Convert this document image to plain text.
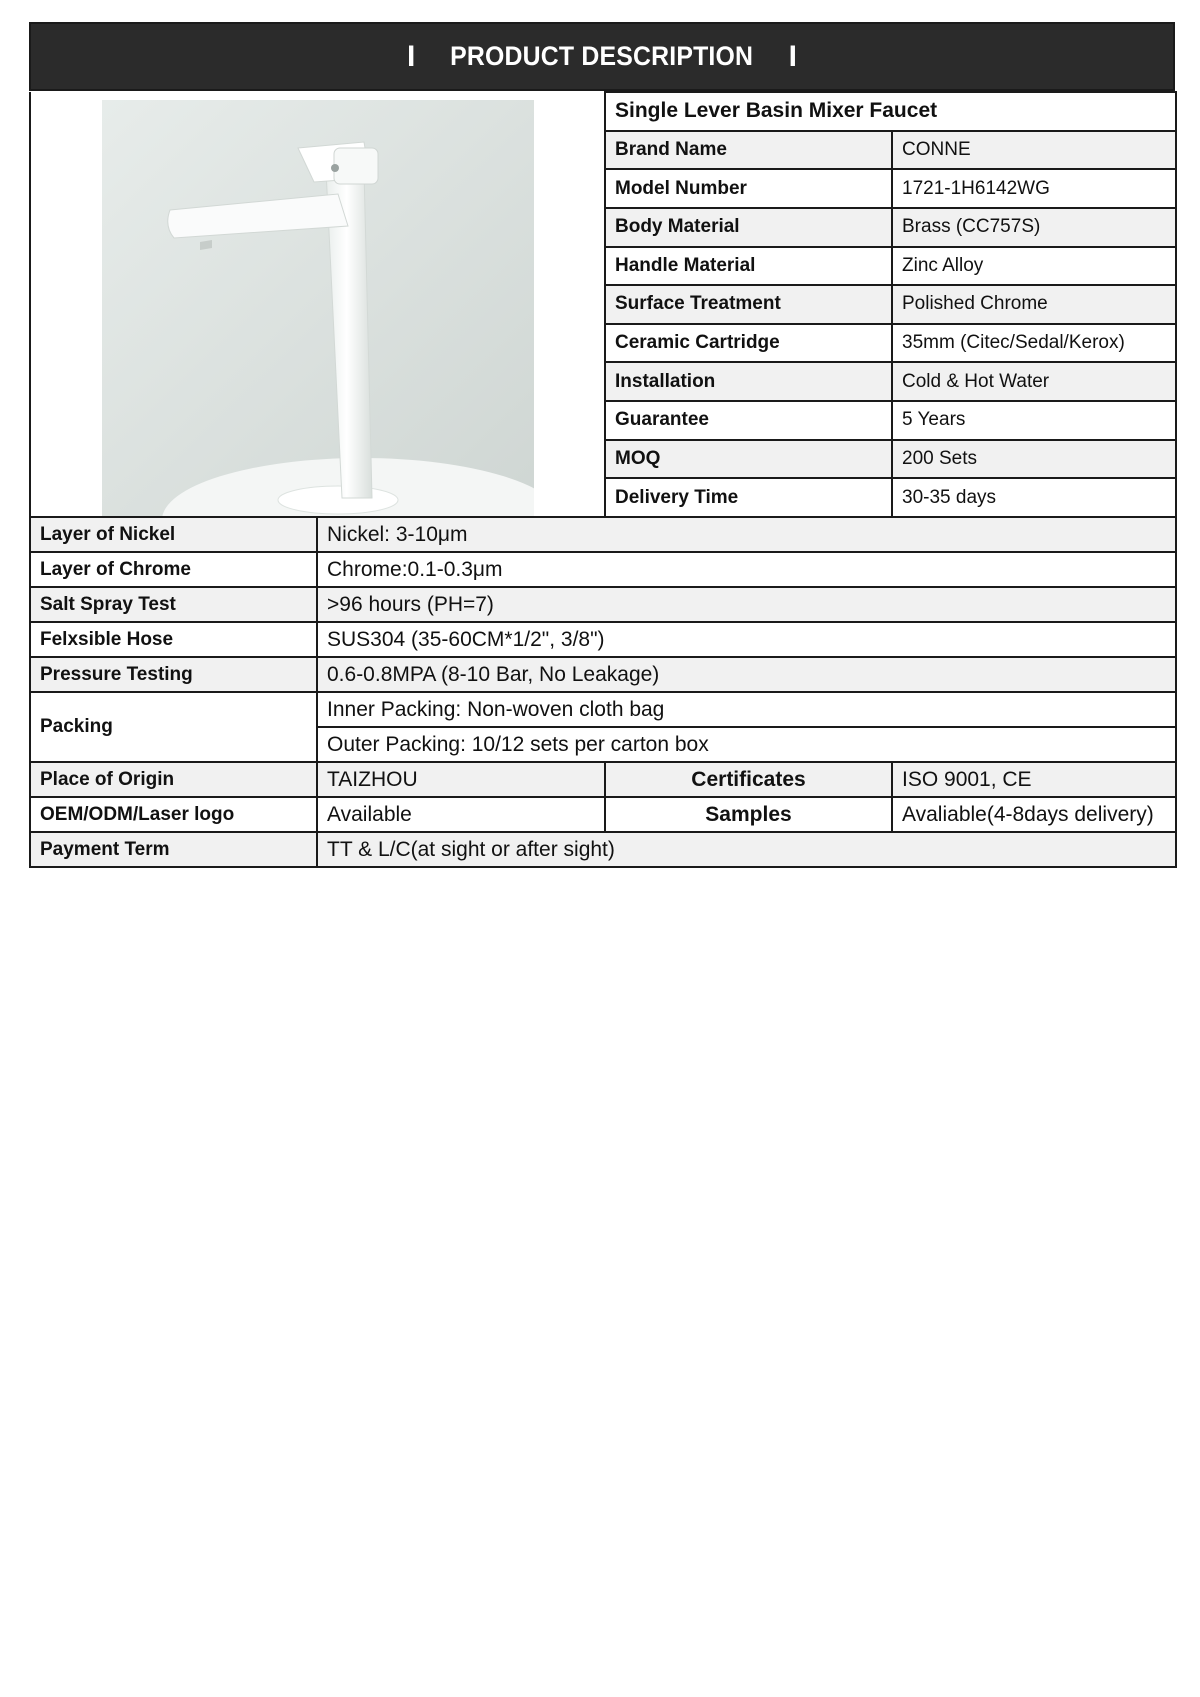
I PRODUCT DESCRIPTION I
	Single Lever Basin Mixer Faucet	
		Brand Name	CONNE
		Model Number	1721-1H6142WG
		Body Material	Brass (CC757S)
		Handle Material	Zinc Alloy
		Surface Treatment	Polished Chrome
		Ceramic Cartridge	35mm (Citec/Sedal/Kerox)
		Installation	Cold & Hot Water
		Guarantee	5 Years
		MOQ	200 Sets
		Delivery Time	30-35 days
Layer of Nickel	Nickel: 3-10μm		
Layer of Chrome	Chrome:0.1-0.3μm		
Salt Spray Test	>96 hours (PH=7)		
Felxsible Hose	SUS304 (35-60CM*1/2", 3/8")		
Pressure Testing	0.6-0.8MPA (8-10 Bar, No Leakage)		
Packing	Inner Packing: Non-woven cloth bag		
	Outer Packing: 10/12 sets per carton box		
Place of Origin	TAIZHOU	Certificates	ISO 9001, CE
OEM/ODM/Laser logo	Available	Samples	Avaliable(4-8days delivery)
Payment Term	TT & L/C(at sight or after sight)		
